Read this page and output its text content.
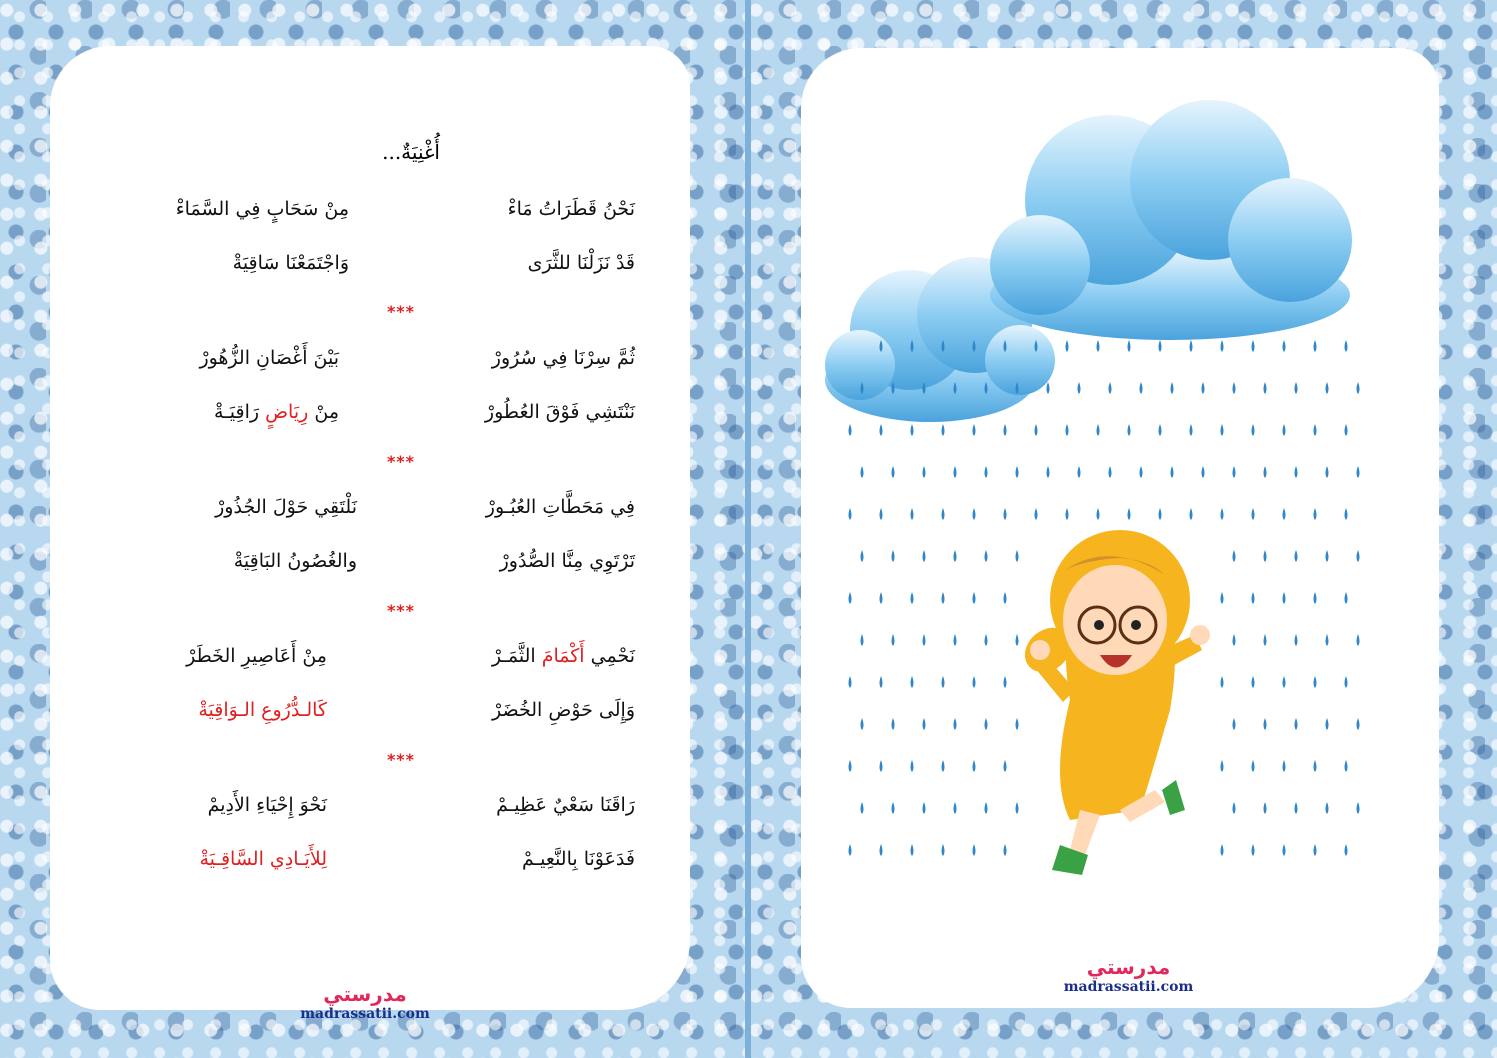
أُغْنِيَةٌ...
نَحْنُ قَطَرَاتُ مَاءْ
مِنْ سَحَابٍ فِي السَّمَاءْ
قَدْ نَزَلْنَا للثَّرَى
وَاجْتَمَعْنَا سَاقِيَةْ
***
ثُمَّ سِرْنَا فِي سُرُورْ
بَيْنَ أَغْصَانِ الزُّهُورْ
نَنْتَشِي فَوْقَ العُطُورْ
مِنْ رِيَاضٍ رَاقِيَـةْ
***
فِي مَحَطَّاتِ العُبُـورْ
نَلْتَقِي حَوْلَ الجُذُورْ
تَرْتَوِي مِنَّا الصُّدُورْ
والغُصُونُ البَاقِيَةْ
***
نَحْمِي أَكْمَامَ الثَّمَـرْ
مِنْ أَعَاصِيرِ الخَطَرْ
وَإِلَى حَوْضِ الخُضَرْ
كَالـدُّرُوعِ الـوَاقِيَةْ
***
رَاقَنَا سَعْيٌ عَظِيـمْ
نَحْوَ إِحْيَاءِ الأَدِيمْ
فَدَعَوْنَا بِالنَّعِيـمْ
لِلأَيَـادِي السَّاقِـيَةْ
مدرستي
madrassatii.com
مدرستي
madrassatii.com
